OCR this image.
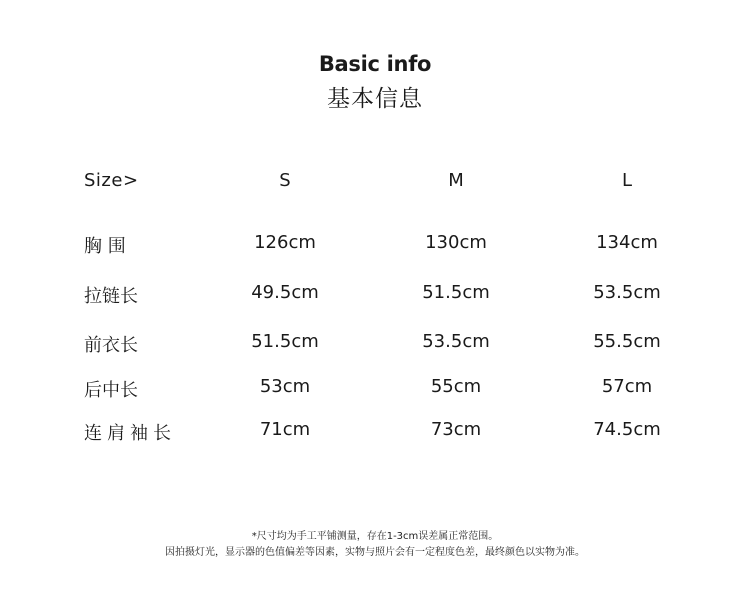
Basic info
基本信息
Size>	S	M	L
胸 围	126cm	130cm	134cm
拉链长	49.5cm	51.5cm	53.5cm
前衣长	51.5cm	53.5cm	55.5cm
后中长	53cm	55cm	57cm
连肩袖长	71cm	73cm	74.5cm
*尺寸均为手工平铺测量，存在1-3cm误差属正常范围。
因拍摄灯光，显示器的色值偏差等因素，实物与照片会有一定程度色差，最终颜色以实物为准。
